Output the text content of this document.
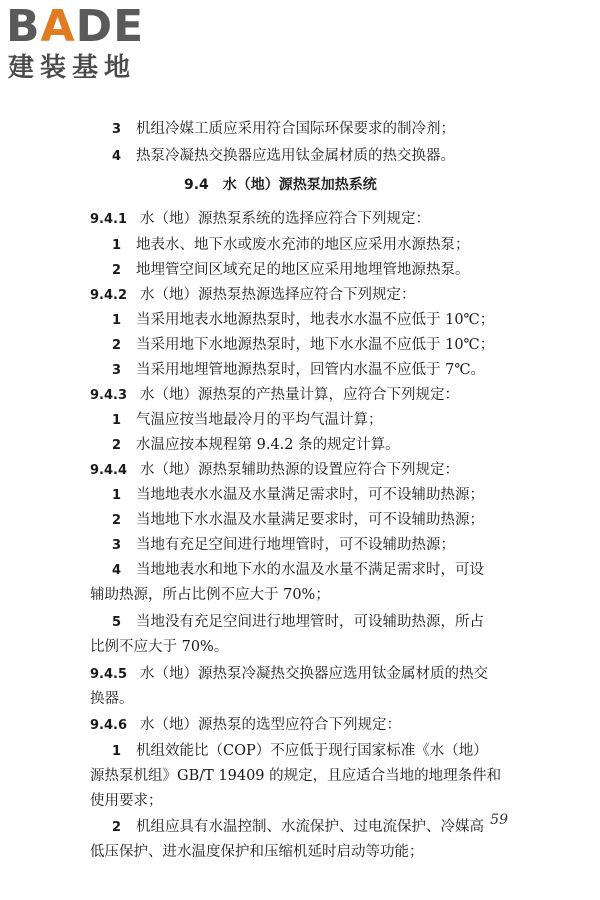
BADE
建装基地
3 机组冷媒工质应采用符合国际环保要求的制冷剂；
4 热泵冷凝热交换器应选用钛金属材质的热交换器。
9.4　水（地）源热泵加热系统
9.4.1 水（地）源热泵系统的选择应符合下列规定：
1 地表水、地下水或废水充沛的地区应采用水源热泵；
2 地埋管空间区域充足的地区应采用地埋管地源热泵。
9.4.2 水（地）源热泵热源选择应符合下列规定：
1 当采用地表水地源热泵时，地表水水温不应低于 10℃；
2 当采用地下水地源热泵时，地下水水温不应低于 10℃；
3 当采用地埋管地源热泵时，回管内水温不应低于 7℃。
9.4.3 水（地）源热泵的产热量计算，应符合下列规定：
1 气温应按当地最冷月的平均气温计算；
2 水温应按本规程第 9.4.2 条的规定计算。
9.4.4 水（地）源热泵辅助热源的设置应符合下列规定：
1 当地地表水水温及水量满足需求时，可不设辅助热源；
2 当地地下水水温及水量满足要求时，可不设辅助热源；
3 当地有充足空间进行地埋管时，可不设辅助热源；
4 当地地表水和地下水的水温及水量不满足需求时，可设
辅助热源，所占比例不应大于 70%；
5 当地没有充足空间进行地埋管时，可设辅助热源，所占
比例不应大于 70%。
9.4.5 水（地）源热泵冷凝热交换器应选用钛金属材质的热交
换器。
9.4.6 水（地）源热泵的选型应符合下列规定：
1 机组效能比（COP）不应低于现行国家标准《水（地）
源热泵机组》GB/T 19409 的规定，且应适合当地的地理条件和
使用要求；
2 机组应具有水温控制、水流保护、过电流保护、冷媒高
低压保护、进水温度保护和压缩机延时启动等功能；
59
